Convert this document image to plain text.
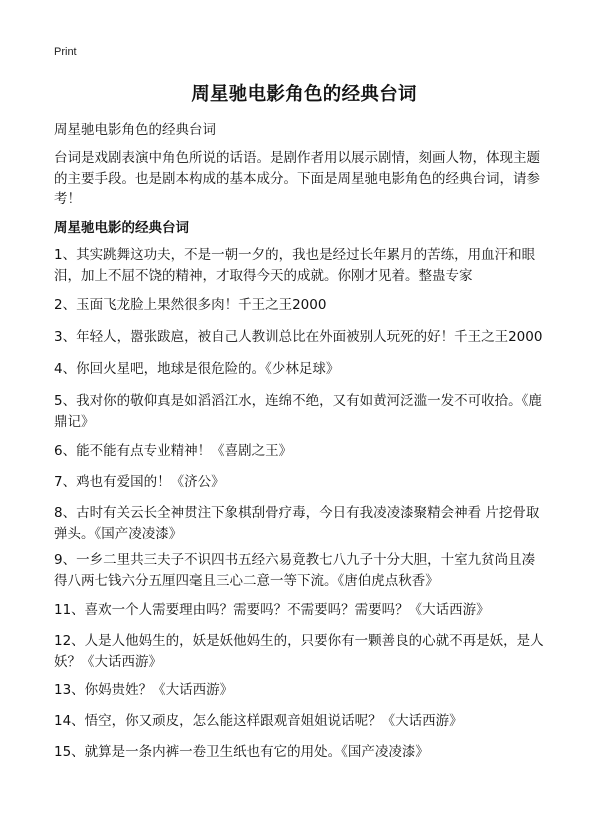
Print
周星驰电影角色的经典台词
周星驰电影角色的经典台词

台词是戏剧表演中角色所说的话语。是剧作者用以展示剧情，刻画人物，体现主题的主要手段。也是剧本构成的基本成分。下面是周星驰电影角色的经典台词，请参考！

周星驰电影的经典台词

1、其实跳舞这功夫，不是一朝一夕的，我也是经过长年累月的苦练，用血汗和眼泪，加上不屈不饶的精神，才取得今天的成就。你刚才见着。整蛊专家

2、玉面飞龙脸上果然很多肉！千王之王2000

3、年轻人，嚣张跋扈，被自己人教训总比在外面被别人玩死的好！千王之王2000

4、你回火星吧，地球是很危险的。《少林足球》

5、我对你的敬仰真是如滔滔江水，连绵不绝，又有如黄河泛滥一发不可收拾。《鹿鼎记》

6、能不能有点专业精神！《喜剧之王》

7、鸡也有爱国的！《济公》

8、古时有关云长全神贯注下象棋刮骨疗毒，今日有我凌凌漆聚精会神看 片挖骨取弹头。《国产凌凌漆》

9、一乡二里共三夫子不识四书五经六易竟教七八九子十分大胆，十室九贫尚且凑得八两七钱六分五厘四毫且三心二意一等下流。《唐伯虎点秋香》

11、喜欢一个人需要理由吗？需要吗？不需要吗？需要吗？《大话西游》

12、人是人他妈生的，妖是妖他妈生的，只要你有一颗善良的心就不再是妖，是人妖？《大话西游》

13、你妈贵姓？《大话西游》

14、悟空，你又顽皮，怎么能这样跟观音姐姐说话呢？《大话西游》

15、就算是一条内裤一卷卫生纸也有它的用处。《国产凌凌漆》
